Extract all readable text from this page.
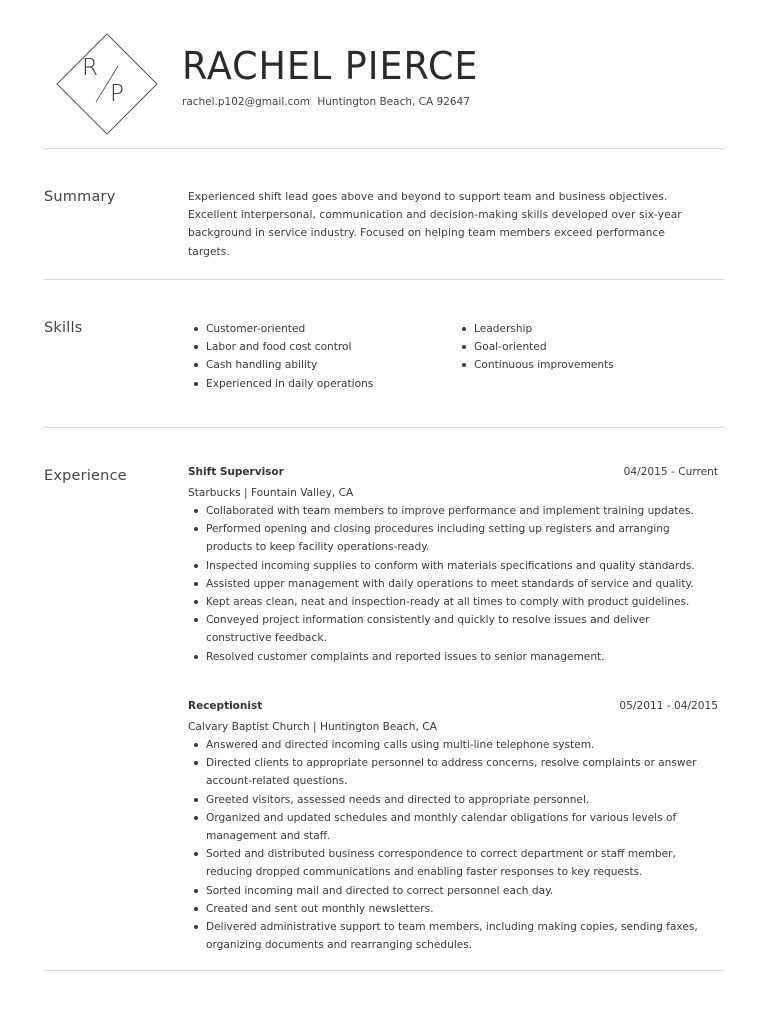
R
P
RACHEL PIERCE
rachel.p102@gmail.com Huntington Beach, CA 92647
Summary	Experienced shift lead goes above and beyond to support team and business objectives.
Excellent interpersonal, communication and decision-making skills developed over six-year
background in service industry. Focused on helping team members exceed performance
targets.
Skills	Customer-oriented
Labor and food cost control
Cash handling ability
Experienced in daily operations
Leadership
Goal-oriented
Continuous improvements
Experience	Shift Supervisor	04/2015 - Current
Starbucks | Fountain Valley, CA
Collaborated with team members to improve performance and implement training updates.
Performed opening and closing procedures including setting up registers and arranging products to keep facility operations-ready.
Inspected incoming supplies to conform with materials specifications and quality standards.
Assisted upper management with daily operations to meet standards of service and quality.
Kept areas clean, neat and inspection-ready at all times to comply with product guidelines.
Conveyed project information consistently and quickly to resolve issues and deliver constructive feedback.
Resolved customer complaints and reported issues to senior management.
Receptionist	05/2011 - 04/2015
Calvary Baptist Church | Huntington Beach, CA
Answered and directed incoming calls using multi-line telephone system.
Directed clients to appropriate personnel to address concerns, resolve complaints or answer account-related questions.
Greeted visitors, assessed needs and directed to appropriate personnel.
Organized and updated schedules and monthly calendar obligations for various levels of management and staff.
Sorted and distributed business correspondence to correct department or staff member, reducing dropped communications and enabling faster responses to key requests.
Sorted incoming mail and directed to correct personnel each day.
Created and sent out monthly newsletters.
Delivered administrative support to team members, including making copies, sending faxes, organizing documents and rearranging schedules.
